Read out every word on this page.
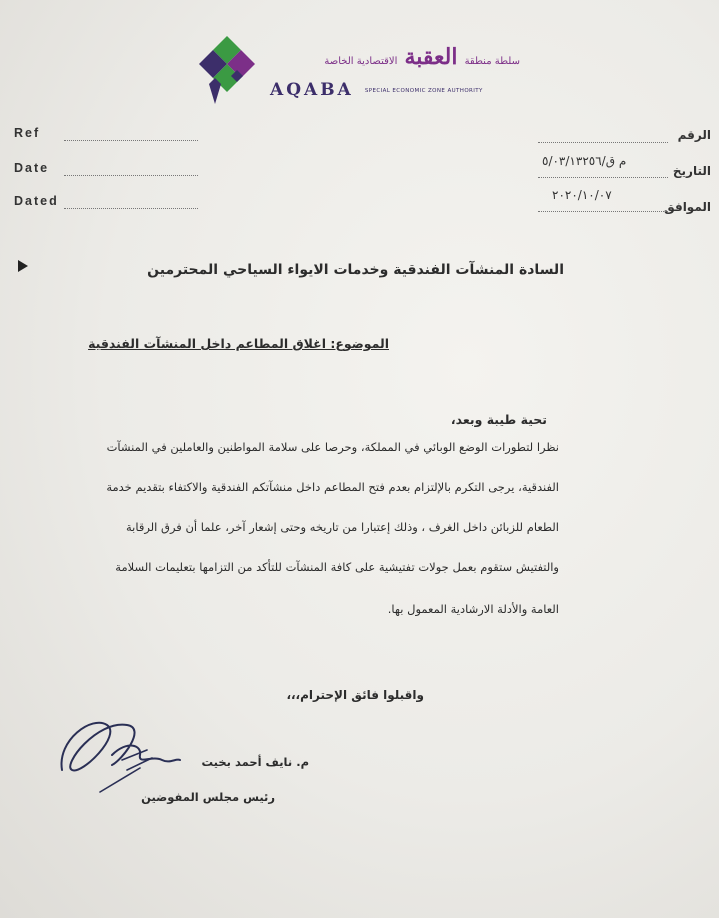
سلطة منطقة العقبة الاقتصادية الخاصة
AQABA $^{SPECIAL ECONOMIC ZONE AUTHORITY}$
Ref
Date
Dated
الرقم
التاريخ
م ق/٥/٠٣/١٣٢٥٦
الموافق
٢٠٢٠/١٠/٠٧
السادة المنشآت الفندقية وخدمات الايواء السياحي المحترمين
الموضوع: اغلاق المطاعم داخل المنشآت الفندقية
تحية طيبة وبعد،
نظرا لتطورات الوضع الوبائي في المملكة، وحرصا على سلامة المواطنين والعاملين في المنشآت
الفندقية، يرجى التكرم بالإلتزام بعدم فتح المطاعم داخل منشآتكم الفندقية والاكتفاء بتقديم خدمة
الطعام للزبائن داخل الغرف ، وذلك إعتبارا من تاريخه وحتى إشعار آخر، علما أن فرق الرقابة
والتفتيش ستقوم بعمل جولات تفتيشية على كافة المنشآت للتأكد من التزامها بتعليمات السلامة
العامة والأدلة الارشادية المعمول بها.
واقبلوا فائق الإحترام،،،
م. نايف أحمد بخيت
رئيس مجلس المفوضين
